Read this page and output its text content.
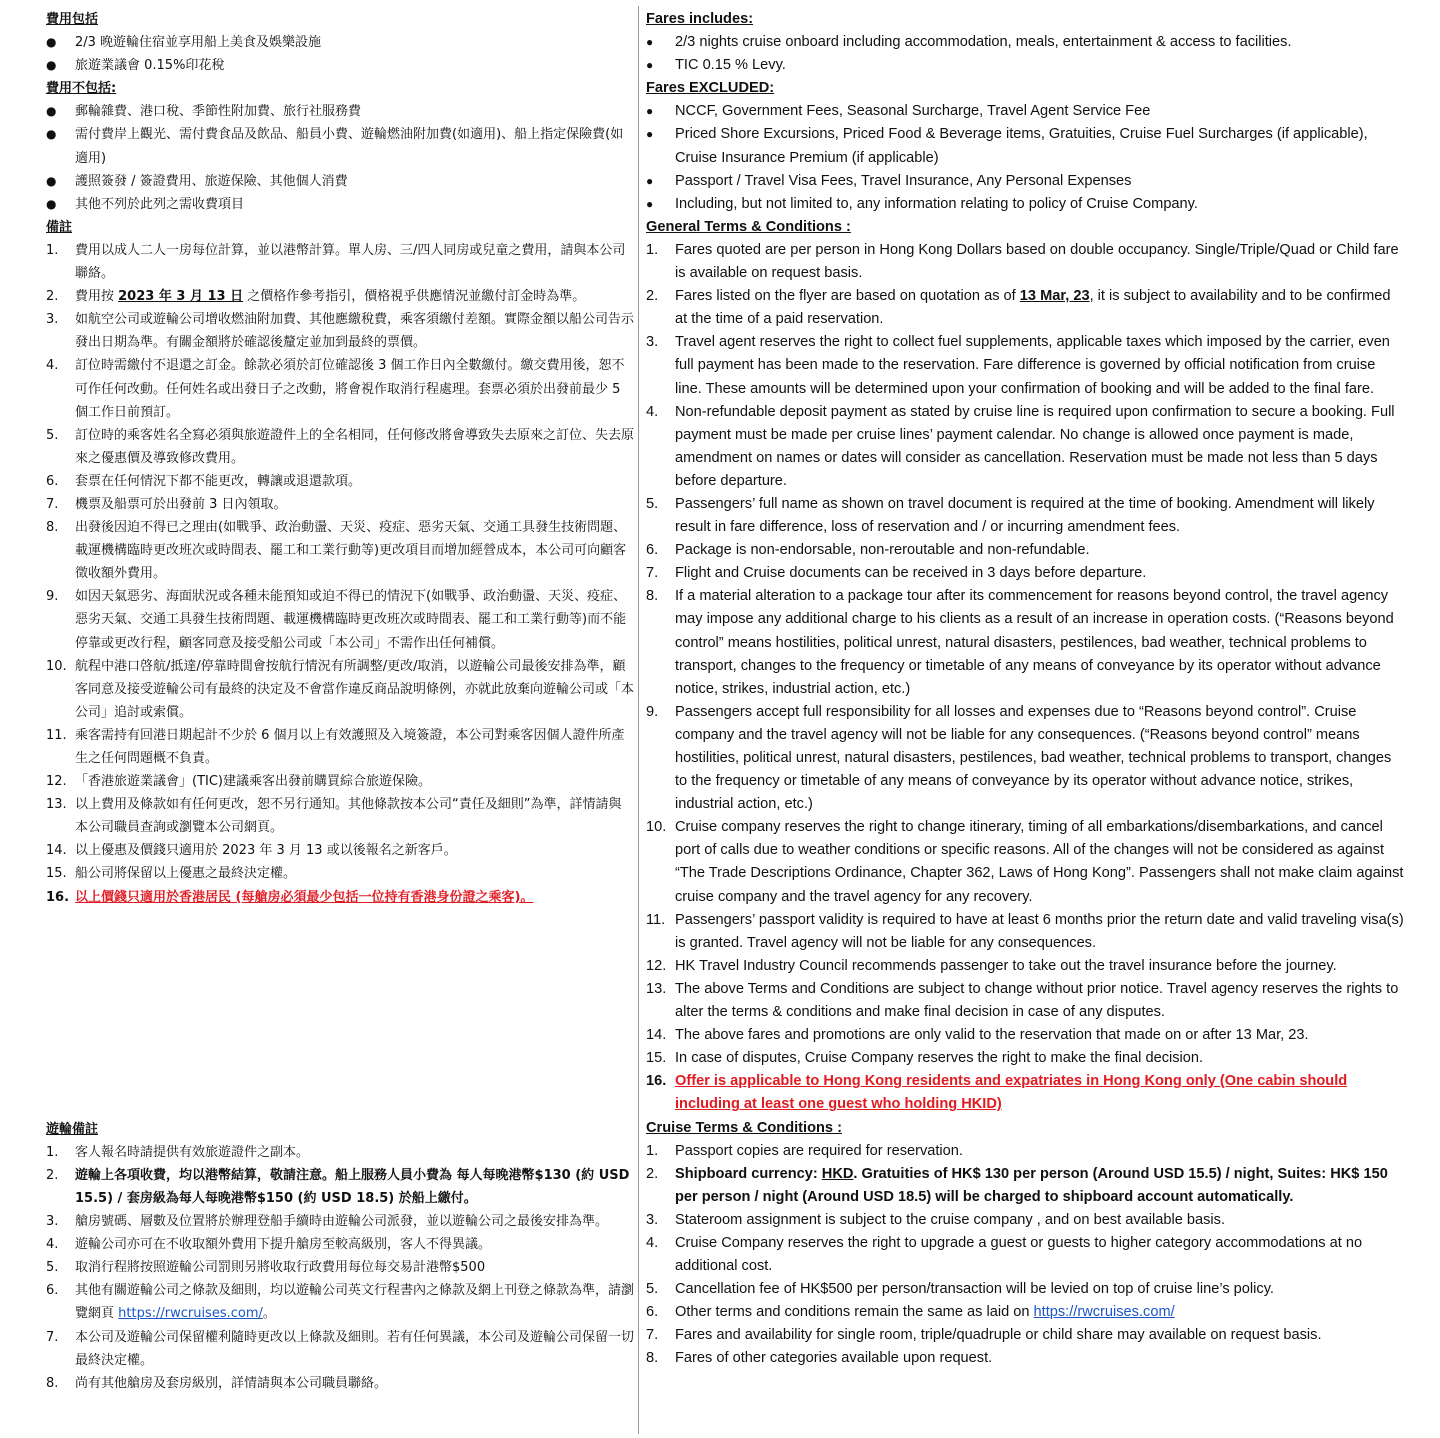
費用包括
●	2/3 晚遊輪住宿並享用船上美食及娛樂設施
●	旅遊業議會 0.15%印花稅
費用不包括:
●	郵輪雜費、港口稅、季節性附加費、旅行社服務費
●	需付費岸上觀光、需付費食品及飲品、船員小費、遊輪燃油附加費(如適用)、船上指定保險費(如適用)
●	護照簽發 / 簽證費用、旅遊保險、其他個人消費
●	其他不列於此列之需收費項目
備註
1.	費用以成人二人一房每位計算，並以港幣計算。單人房、三/四人同房或兒童之費用，請與本公司聯絡。
2.	費用按 2023 年 3 月 13 日 之價格作參考指引，價格視乎供應情況並繳付訂金時為準。
3.	如航空公司或遊輪公司增收燃油附加費、其他應繳稅費，乘客須繳付差額。實際金額以船公司告示發出日期為準。有關金額將於確認後釐定並加到最終的票價。
4.	訂位時需繳付不退還之訂金。餘款必須於訂位確認後 3 個工作日內全數繳付。繳交費用後，恕不可作任何改動。任何姓名或出發日子之改動，將會視作取消行程處理。套票必須於出發前最少 5 個工作日前預訂。
5.	訂位時的乘客姓名全寫必須與旅遊證件上的全名相同，任何修改將會導致失去原來之訂位、失去原來之優惠價及導致修改費用。
6.	套票在任何情況下都不能更改，轉讓或退還款項。
7.	機票及船票可於出發前 3 日內領取。
8.	出發後因迫不得已之理由(如戰爭、政治動盪、天災、疫症、惡劣天氣、交通工具發生技術問題、載運機構臨時更改班次或時間表、罷工和工業行動等)更改項目而增加經營成本，本公司可向顧客徵收額外費用。
9.	如因天氣惡劣、海面狀況或各種未能預知或迫不得已的情況下(如戰爭、政治動盪、天災、疫症、惡劣天氣、交通工具發生技術問題、載運機構臨時更改班次或時間表、罷工和工業行動等)而不能停靠或更改行程，顧客同意及接受船公司或「本公司」不需作出任何補償。
10. 航程中港口啓航/抵達/停靠時間會按航行情況有所調整/更改/取消，以遊輪公司最後安排為準，顧客同意及接受遊輪公司有最終的決定及不會當作違反商品說明條例，亦就此放棄向遊輪公司或「本公司」追討或索償。
11. 乘客需持有回港日期起計不少於 6 個月以上有效護照及入境簽證，本公司對乘客因個人證件所產生之任何問題概不負責。
12. 「香港旅遊業議會」(TIC)建議乘客出發前購買綜合旅遊保險。
13. 以上費用及條款如有任何更改，恕不另行通知。其他條款按本公司“責任及細則”為準，詳情請與本公司職員查詢或瀏覽本公司網頁。
14. 以上優惠及價錢只適用於 2023 年 3 月 13 或以後報名之新客戶。
15. 船公司將保留以上優惠之最終決定權。
16. 以上價錢只適用於香港居民 (每艙房必須最少包括一位持有香港身份證之乘客)。
遊輪備註
1.	客人報名時請提供有效旅遊證件之副本。
2.	遊輪上各項收費，均以港幣結算，敬請注意。船上服務人員小費為 每人每晚港幣$130 (約 USD 15.5) / 套房級為每人每晚港幣$150 (約 USD 18.5) 於船上繳付。
3.	艙房號碼、層數及位置將於辦理登船手續時由遊輪公司派發，並以遊輪公司之最後安排為準。
4.	遊輪公司亦可在不收取額外費用下提升艙房至較高級別，客人不得異議。
5.	取消行程將按照遊輪公司罰則另將收取行政費用每位每交易計港幣$500
6.	其他有關遊輪公司之條款及細則，均以遊輪公司英文行程書內之條款及網上刊登之條款為準，請瀏覽網頁 https://rwcruises.com/。
7.	本公司及遊輪公司保留權利隨時更改以上條款及細則。若有任何異議，本公司及遊輪公司保留一切最終決定權。
8.	尚有其他艙房及套房級別，詳情請與本公司職員聯絡。
Fares includes:
●	2/3 nights cruise onboard including accommodation, meals, entertainment & access to facilities.
●	TIC 0.15 % Levy.
Fares EXCLUDED:
●	NCCF, Government Fees, Seasonal Surcharge, Travel Agent Service Fee
●	Priced Shore Excursions, Priced Food & Beverage items, Gratuities, Cruise Fuel Surcharges (if applicable), Cruise Insurance Premium (if applicable)
●	Passport / Travel Visa Fees, Travel Insurance, Any Personal Expenses
●	Including, but not limited to, any information relating to policy of Cruise Company.
General Terms & Conditions :
1.	Fares quoted are per person in Hong Kong Dollars based on double occupancy. Single/Triple/Quad or Child fare is available on request basis.
2.	Fares listed on the flyer are based on quotation as of 13 Mar, 23, it is subject to availability and to be confirmed at the time of a paid reservation.
3.	Travel agent reserves the right to collect fuel supplements, applicable taxes which imposed by the carrier, even full payment has been made to the reservation. Fare difference is governed by official notification from cruise line. These amounts will be determined upon your confirmation of booking and will be added to the final fare.
4.	Non-refundable deposit payment as stated by cruise line is required upon confirmation to secure a booking. Full payment must be made per cruise lines’ payment calendar. No change is allowed once payment is made, amendment on names or dates will consider as cancellation. Reservation must be made not less than 5 days before departure.
5.	Passengers’ full name as shown on travel document is required at the time of booking. Amendment will likely result in fare difference, loss of reservation and / or incurring amendment fees.
6.	Package is non-endorsable, non-reroutable and non-refundable.
7.	Flight and Cruise documents can be received in 3 days before departure.
8.	If a material alteration to a package tour after its commencement for reasons beyond control, the travel agency may impose any additional charge to his clients as a result of an increase in operation costs. (“Reasons beyond control” means hostilities, political unrest, natural disasters, pestilences, bad weather, technical problems to transport, changes to the frequency or timetable of any means of conveyance by its operator without advance notice, strikes, industrial action, etc.)
9.	Passengers accept full responsibility for all losses and expenses due to “Reasons beyond control”. Cruise company and the travel agency will not be liable for any consequences. (“Reasons beyond control” means hostilities, political unrest, natural disasters, pestilences, bad weather, technical problems to transport, changes to the frequency or timetable of any means of conveyance by its operator without advance notice, strikes, industrial action, etc.)
10. Cruise company reserves the right to change itinerary, timing of all embarkations/disembarkations, and cancel port of calls due to weather conditions or specific reasons. All of the changes will not be considered as against “The Trade Descriptions Ordinance, Chapter 362, Laws of Hong Kong”. Passengers shall not make claim against cruise company and the travel agency for any recovery.
11. Passengers’ passport validity is required to have at least 6 months prior the return date and valid traveling visa(s) is granted. Travel agency will not be liable for any consequences.
12. HK Travel Industry Council recommends passenger to take out the travel insurance before the journey.
13. The above Terms and Conditions are subject to change without prior notice. Travel agency reserves the rights to alter the terms & conditions and make final decision in case of any disputes.
14. The above fares and promotions are only valid to the reservation that made on or after 13 Mar, 23.
15. In case of disputes, Cruise Company reserves the right to make the final decision.
16. Offer is applicable to Hong Kong residents and expatriates in Hong Kong only (One cabin should including at least one guest who holding HKID)
Cruise Terms & Conditions :
1.	Passport copies are required for reservation.
2.	Shipboard currency: HKD. Gratuities of HK$ 130 per person (Around USD 15.5) / night, Suites: HK$ 150 per person / night (Around USD 18.5) will be charged to shipboard account automatically.
3.	Stateroom assignment is subject to the cruise company , and on best available basis.
4.	Cruise Company reserves the right to upgrade a guest or guests to higher category accommodations at no additional cost.
5.	Cancellation fee of HK$500 per person/transaction will be levied on top of cruise line’s policy.
6.	Other terms and conditions remain the same as laid on https://rwcruises.com/
7.	Fares and availability for single room, triple/quadruple or child share may available on request basis.
8.	Fares of other categories available upon request.
